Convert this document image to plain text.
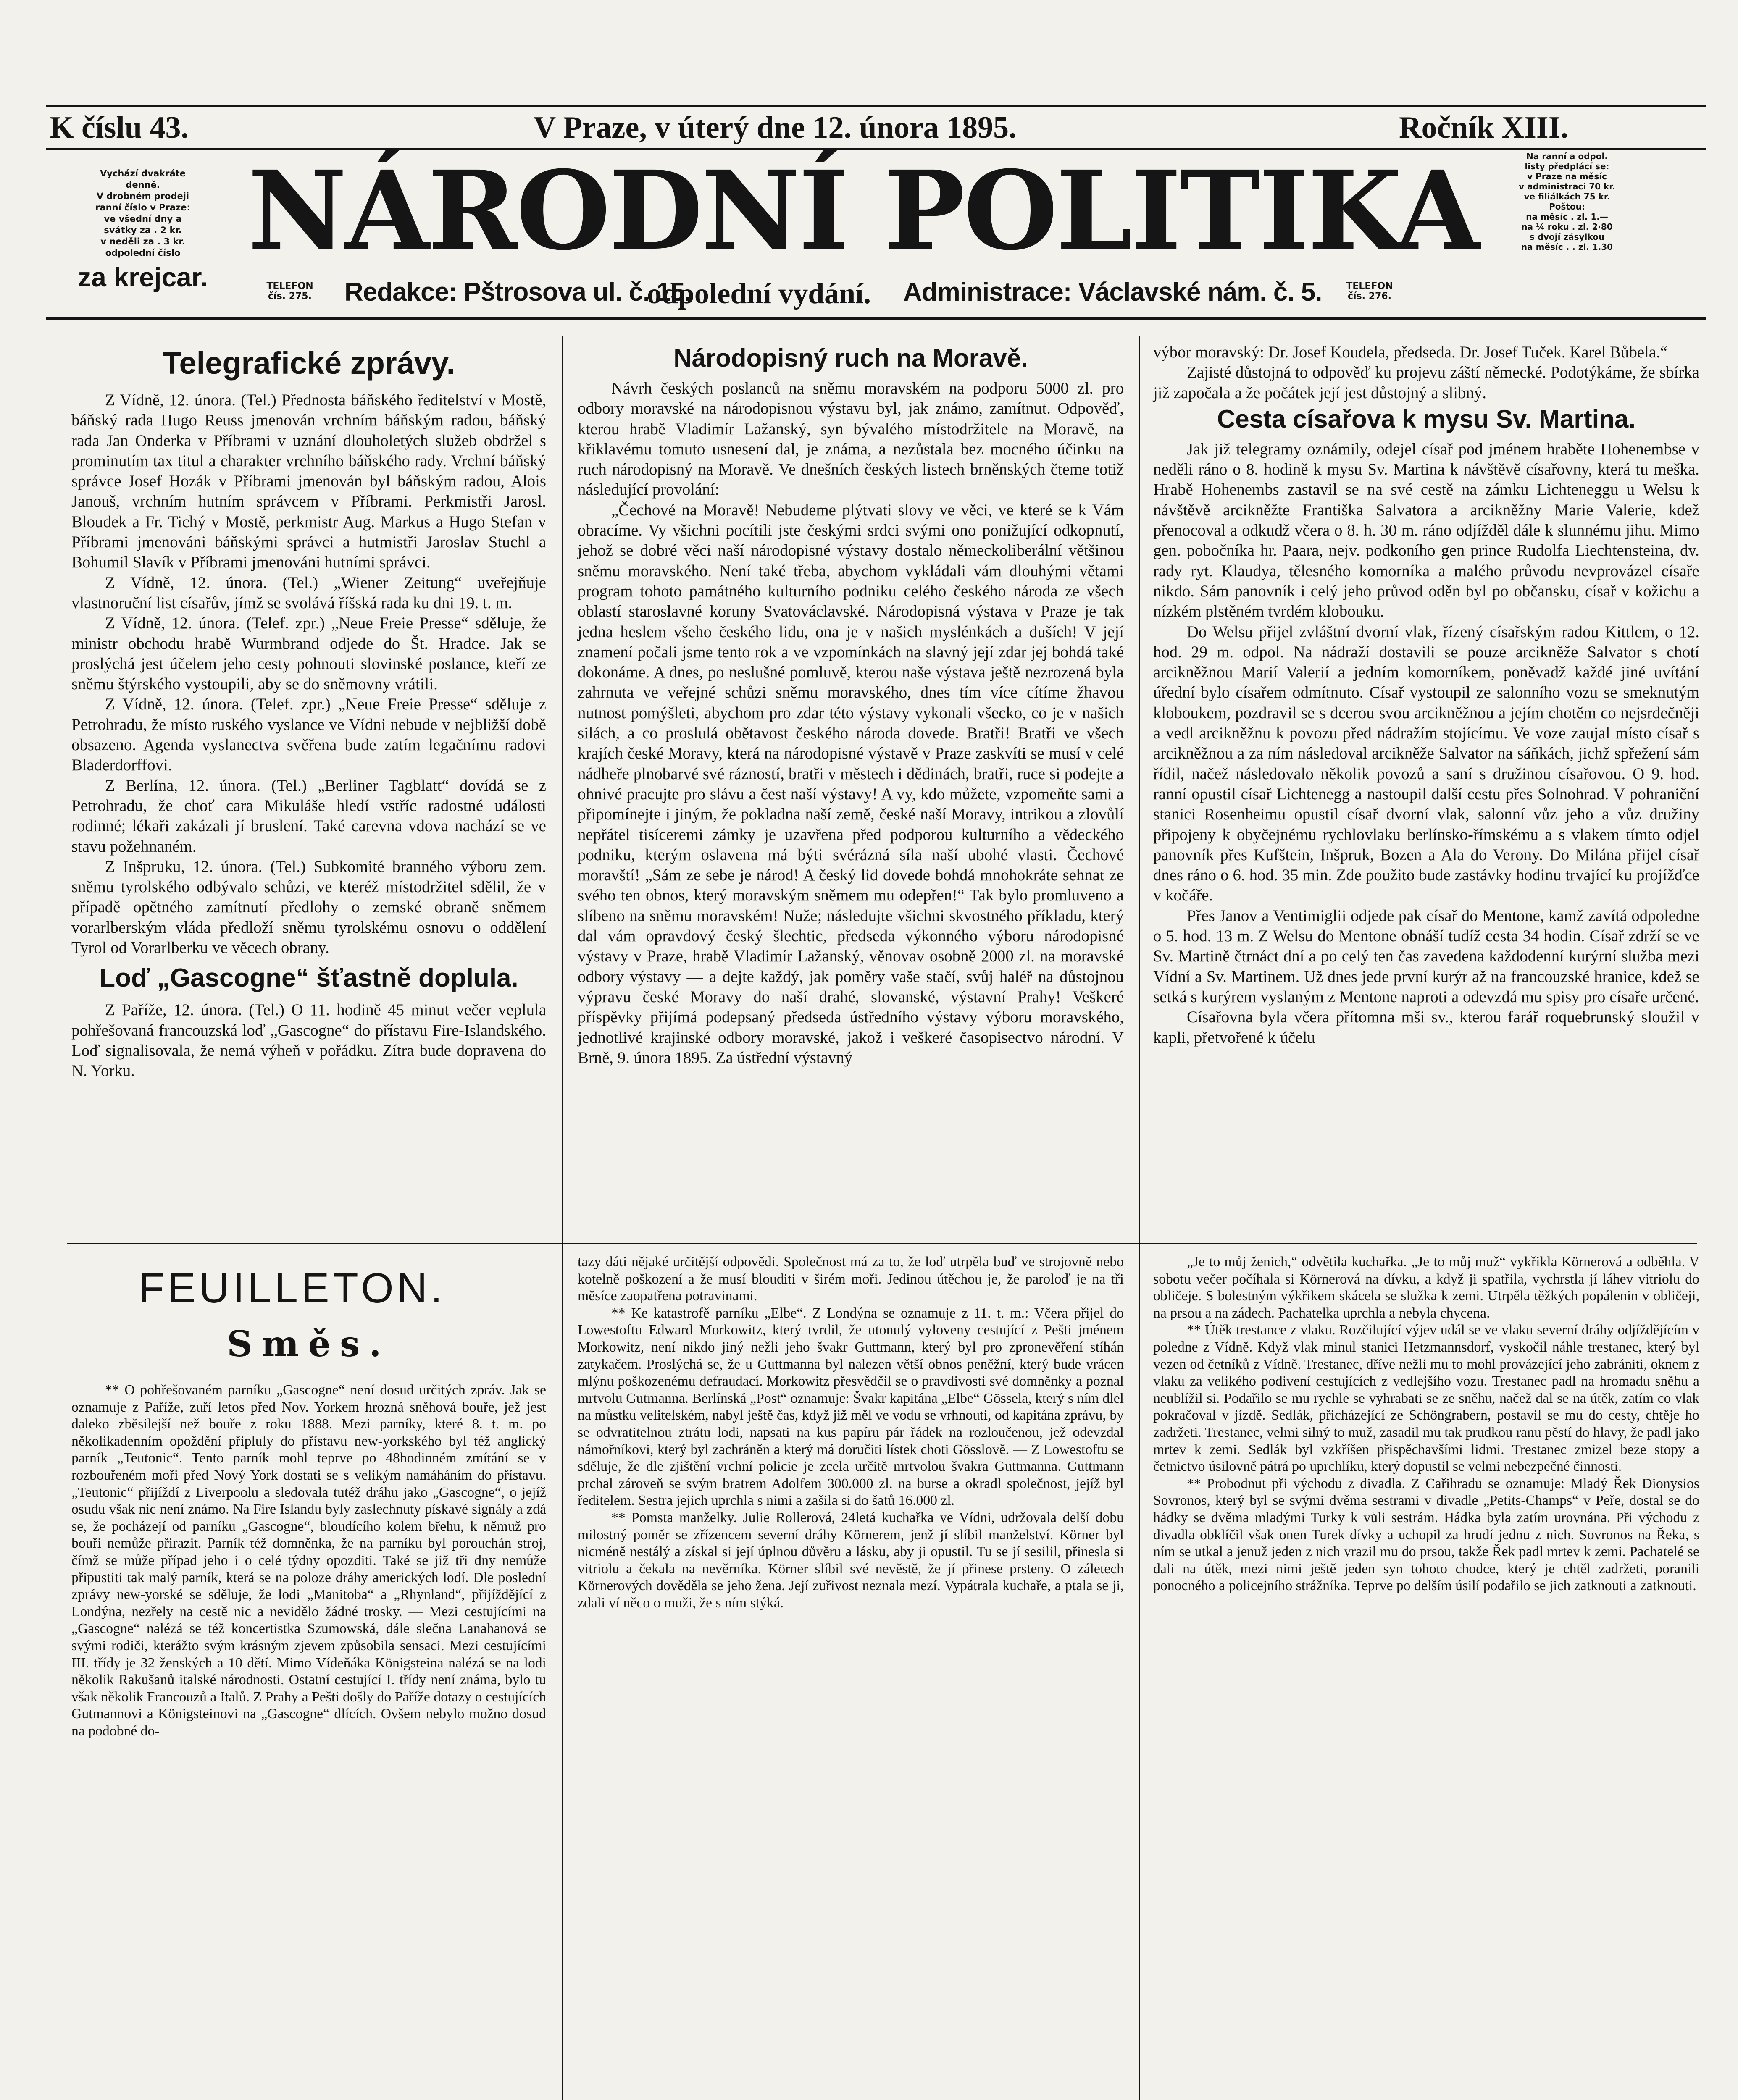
K číslu 43.	V Praze, v úterý dne 12. února 1895.	Ročník XIII.
Vychází dvakráte
denně.
V drobném prodeji
ranní číslo v Praze:
ve všední dny a
svátky za . 2 kr.
v neděli za . 3 kr.
odpolední číslo
za krejcar.
NÁRODNÍ POLITIKA	Na ranní a odpol.
listy předplácí se:
v Praze na měsíc
v administraci 70 kr.
ve filiálkách 75 kr.
Poštou:
na měsíc . zl. 1.—
na ¼ roku . zl. 2·80
s dvojí zásylkou
na měsíc . . zl. 1.30
TELEFON
čís. 275.	Redakce: Pštrosova ul. č. 15.
odpolední vydání. Administrace: Václavské nám. č. 5.	TELEFON
čís. 276.
Telegrafické zprávy.

Z Vídně, 12. února. (Tel.) Přednosta báňského ředitelství v Mostě, báňský rada Hugo Reuss jmenován vrchním báňským radou, báňský rada Jan Onderka v Příbrami v uznání dlouholetých služeb obdržel s prominutím tax titul a charakter vrchního báňského rady. Vrchní báňský správce Josef Hozák v Příbrami jmenován byl báňským radou, Alois Janouš, vrchním hutním správcem v Příbrami. Perkmistři Jarosl. Bloudek a Fr. Tichý v Mostě, perkmistr Aug. Markus a Hugo Stefan v Příbrami jmenováni báňskými správci a hutmistři Jaroslav Stuchl a Bohumil Slavík v Příbrami jmenováni hutními správci.

Z Vídně, 12. února. (Tel.) „Wiener Zeitung“ uveřejňuje vlastnoruční list císařův, jímž se svolává říšská rada ku dni 19. t. m.

Z Vídně, 12. února. (Telef. zpr.) „Neue Freie Presse“ sděluje, že ministr obchodu hrabě Wurmbrand odjede do Št. Hradce. Jak se proslýchá jest účelem jeho cesty pohnouti slovinské poslance, kteří ze sněmu štýrského vystoupili, aby se do sněmovny vrátili.

Z Vídně, 12. února. (Telef. zpr.) „Neue Freie Presse“ sděluje z Petrohradu, že místo ruského vyslance ve Vídni nebude v nejbližší době obsazeno. Agenda vyslanectva svěřena bude zatím legačnímu radovi Bladerdorffovi.

Z Berlína, 12. února. (Tel.) „Berliner Tagblatt“ dovídá se z Petrohradu, že choť cara Mikuláše hledí vstříc radostné události rodinné; lékaři zakázali jí bruslení. Také carevna vdova nachází se ve stavu požehnaném.

Z Inšpruku, 12. února. (Tel.) Subkomité branného výboru zem. sněmu tyrolského odbývalo schůzi, ve kteréž místodržitel sdělil, že v případě opětného zamítnutí předlohy o zemské obraně sněmem vorarlberským vláda předloží sněmu tyrolskému osnovu o oddělení Tyrol od Vorarlberku ve věcech obrany.

Loď „Gascogne“ šťastně doplula.

Z Paříže, 12. února. (Tel.) O 11. hodině 45 minut večer veplula pohřešovaná francouzská loď „Gascogne“ do přístavu Fire-Islandského. Loď signalisovala, že nemá výheň v pořádku. Zítra bude dopravena do N. Yorku.

Národopisný ruch na Moravě.

Návrh českých poslanců na sněmu moravském na podporu 5000 zl. pro odbory moravské na národopisnou výstavu byl, jak známo, zamítnut. Odpověď, kterou hrabě Vladimír Lažanský, syn bývalého místodržitele na Moravě, na křiklavému tomuto usnesení dal, je známa, a nezůstala bez mocného účinku na ruch národopisný na Moravě. Ve dnešních českých listech brněnských čteme totiž následující provolání:

„Čechové na Moravě! Nebudeme plýtvati slovy ve věci, ve které se k Vám obracíme. Vy všichni pocítili jste českými srdci svými ono ponižující odkopnutí, jehož se dobré věci naší národopisné výstavy dostalo německoliberální většinou sněmu moravského. Není také třeba, abychom vykládali vám dlouhými větami program tohoto památného kulturního podniku celého českého národa ze všech oblastí staroslavné koruny Svatováclavské. Národopisná výstava v Praze je tak jedna heslem všeho českého lidu, ona je v našich myslénkách a duších! V její znamení počali jsme tento rok a ve vzpomínkách na slavný její zdar jej bohdá také dokonáme. A dnes, po neslušné pomluvě, kterou naše výstava ještě nezrozená byla zahrnuta ve veřejné schůzi sněmu moravského, dnes tím více cítíme žhavou nutnost pomýšleti, abychom pro zdar této výstavy vykonali všecko, co je v našich silách, a co proslulá obětavost českého národa dovede. Bratři! Bratři ve všech krajích české Moravy, která na národopisné výstavě v Praze zaskvíti se musí v celé nádheře plnobarvé své rázností, bratři v městech i dědinách, bratři, ruce si podejte a ohnivé pracujte pro slávu a čest naší výstavy! A vy, kdo můžete, vzpomeňte sami a připomínejte i jiným, že pokladna naší země, české naší Moravy, intrikou a zlovůlí nepřátel tisíceremi zámky je uzavřena před podporou kulturního a vědeckého podniku, kterým oslavena má býti svérázná síla naší ubohé vlasti. Čechové moravští! „Sám ze sebe je národ! A český lid dovede bohdá mnohokráte sehnat ze svého ten obnos, který moravským sněmem mu odepřen!“ Tak bylo promluveno a slíbeno na sněmu moravském! Nuže; následujte všichni skvostného příkladu, který dal vám opravdový český šlechtic, předseda výkonného výboru národopisné výstavy v Praze, hrabě Vladimír Lažanský, věnovav osobně 2000 zl. na moravské odbory výstavy — a dejte každý, jak poměry vaše stačí, svůj haléř na důstojnou výpravu české Moravy do naší drahé, slovanské, výstavní Prahy! Veškeré příspěvky přijímá podepsaný předseda ústředního výstavy výboru moravského, jednotlivé krajinské odbory moravské, jakož i veškeré časopisectvo národní. V Brně, 9. února 1895. Za ústřední výstavný

výbor moravský: Dr. Josef Koudela, předseda. Dr. Josef Tuček. Karel Bůbela.“

Zajisté důstojná to odpověď ku projevu záští německé. Podotýkáme, že sbírka již započala a že počátek její jest důstojný a slibný.

Cesta císařova k mysu Sv. Martina.

Jak již telegramy oznámily, odejel císař pod jménem hraběte Hohenembse v neděli ráno o 8. hodině k mysu Sv. Martina k návštěvě císařovny, která tu meška. Hrabě Hohenembs zastavil se na své cestě na zámku Lichteneggu u Welsu k návštěvě arcikněžte Františka Salvatora a arcikněžny Marie Valerie, kdež přenocoval a odkudž včera o 8. h. 30 m. ráno odjížděl dále k slunnému jihu. Mimo gen. pobočníka hr. Paara, nejv. podkoního gen prince Rudolfa Liechtensteina, dv. rady ryt. Klaudya, tělesného komorníka a malého průvodu nevprovázel císaře nikdo. Sám panovník i celý jeho průvod oděn byl po občansku, císař v kožichu a nízkém plstěném tvrdém klobouku.

Do Welsu přijel zvláštní dvorní vlak, řízený císařským radou Kittlem, o 12. hod. 29 m. odpol. Na nádraží dostavili se pouze arcikněže Salvator s chotí arcikněžnou Marií Valerií a jedním komorníkem, poněvadž každé jiné uvítání úřední bylo císařem odmítnuto. Císař vystoupil ze salonního vozu se smeknutým kloboukem, pozdravil se s dcerou svou arcikněžnou a jejím chotěm co nejsrdečněji a vedl arcikněžnu k povozu před nádražím stojícímu. Ve voze zaujal místo císař s arcikněžnou a za ním následoval arcikněže Salvator na sáňkách, jichž spřežení sám řídil, načež následovalo několik povozů a saní s družinou císařovou. O 9. hod. ranní opustil císař Lichtenegg a nastoupil další cestu přes Solnohrad. V pohraniční stanici Rosenheimu opustil císař dvorní vlak, salonní vůz jeho a vůz družiny připojeny k obyčejnému rychlovlaku berlínsko-římskému a s vlakem tímto odjel panovník přes Kufštein, Inšpruk, Bozen a Ala do Verony. Do Milána přijel císař dnes ráno o 6. hod. 35 min. Zde použito bude zastávky hodinu trvající ku projížďce v kočáře.

Přes Janov a Ventimiglii odjede pak císař do Mentone, kamž zavítá odpoledne o 5. hod. 13 m. Z Welsu do Mentone obnáší tudíž cesta 34 hodin. Císař zdrží se ve Sv. Martině čtrnáct dní a po celý ten čas zavedena každodenní kurýrní služba mezi Vídní a Sv. Martinem. Už dnes jede první kurýr až na francouzské hranice, kdež se setká s kurýrem vyslaným z Mentone naproti a odevzdá mu spisy pro císaře určené.

Císařovna byla včera přítomna mši sv., kterou farář roquebrunský sloužil v kapli, přetvořené k účelu

FEUILLETON.
Směs.

** O pohřešovaném parníku „Gascogne“ není dosud určitých zpráv. Jak se oznamuje z Paříže, zuří letos před Nov. Yorkem hrozná sněhová bouře, jež jest daleko zběsilejší než bouře z roku 1888. Mezi parníky, které 8. t. m. po několikadenním opoždění připluly do přístavu new-yorkského byl též anglický parník „Teutonic“. Tento parník mohl teprve po 48hodinném zmítání se v rozbouřeném moři před Nový York dostati se s velikým namáháním do přístavu. „Teutonic“ přijíždí z Liverpoolu a sledovala tutéž dráhu jako „Gascogne“, o jejíž osudu však nic není známo. Na Fire Islandu byly zaslechnuty pískavé signály a zdá se, že pocházejí od parníku „Gascogne“, bloudícího kolem břehu, k němuž pro bouři nemůže přirazit. Parník též domněnka, že na parníku byl porouchán stroj, čímž se může případ jeho i o celé týdny opozditi. Také se již tři dny nemůže připustiti tak malý parník, která se na poloze dráhy amerických lodí. Dle poslední zprávy new-yorské se sděluje, že lodi „Manitoba“ a „Rhynland“, přijíždějící z Londýna, nezřely na cestě nic a nevidělo žádné trosky. — Mezi cestujícími na „Gascogne“ nalézá se též koncertistka Szumowská, dále slečna Lanahanová se svými rodiči, kterážto svým krásným zjevem způsobila sensaci. Mezi cestujícími III. třídy je 32 ženských a 10 dětí. Mimo Vídeňáka Königsteina nalézá se na lodi několik Rakušanů italské národnosti. Ostatní cestující I. třídy není známa, bylo tu však několik Francouzů a Italů. Z Prahy a Pešti došly do Paříže dotazy o cestujících Gutmannovi a Königsteinovi na „Gascogne“ dlících. Ovšem nebylo možno dosud na podobné do-

tazy dáti nějaké určitější odpovědi. Společnost má za to, že loď utrpěla buď ve strojovně nebo kotelně poškození a že musí blouditi v širém moři. Jedinou útěchou je, že paroloď je na tři měsíce zaopatřena potravinami.

** Ke katastrofě parníku „Elbe“. Z Londýna se oznamuje z 11. t. m.: Včera přijel do Lowestoftu Edward Morkowitz, který tvrdil, že utonulý vyloveny cestující z Pešti jménem Morkowitz, není nikdo jiný nežli jeho švakr Guttmann, který byl pro zpronevěření stíhán zatykačem. Proslýchá se, že u Guttmanna byl nalezen větší obnos peněžní, který bude vrácen mlýnu poškozenému defraudací. Morkowitz přesvědčil se o pravdivosti své domněnky a poznal mrtvolu Gutmanna. Berlínská „Post“ oznamuje: Švakr kapitána „Elbe“ Gössela, který s ním dlel na můstku velitelském, nabyl ještě čas, když již měl ve vodu se vrhnouti, od kapitána zprávu, by se odvratitelnou ztrátu lodi, napsati na kus papíru pár řádek na rozloučenou, jež odevzdal námořníkovi, který byl zachráněn a který má doručiti lístek choti Gösslově. — Z Lowestoftu se sděluje, že dle zjištění vrchní policie je zcela určitě mrtvolou švakra Guttmanna. Guttmann prchal zároveň se svým bratrem Adolfem 300.000 zl. na burse a okradl společnost, jejíž byl ředitelem. Sestra jejich uprchla s nimi a zašila si do šatů 16.000 zl.

** Pomsta manželky. Julie Rollerová, 24letá kuchařka ve Vídni, udržovala delší dobu milostný poměr se zřízencem severní dráhy Körnerem, jenž jí slíbil manželství. Körner byl nicméně nestálý a získal si její úplnou důvěru a lásku, aby ji opustil. Tu se jí sesilil, přinesla si vitriolu a čekala na nevěrníka. Körner slíbil své nevěstě, že jí přinese prsteny. O záletech Körnerových dověděla se jeho žena. Její zuřivost neznala mezí. Vypátrala kuchaře, a ptala se ji, zdali ví něco o muži, že s ním stýká.

„Je to můj ženich,“ odvětila kuchařka. „Je to můj muž“ vykřikla Körnerová a odběhla. V sobotu večer počíhala si Körnerová na dívku, a když ji spatřila, vychrstla jí láhev vitriolu do obličeje. S bolestným výkřikem skácela se služka k zemi. Utrpěla těžkých popálenin v obličeji, na prsou a na zádech. Pachatelka uprchla a nebyla chycena.

** Útěk trestance z vlaku. Rozčilující výjev udál se ve vlaku severní dráhy odjíždějícím v poledne z Vídně. Když vlak minul stanici Hetzmannsdorf, vyskočil náhle trestanec, který byl vezen od četníků z Vídně. Trestanec, dříve nežli mu to mohl provázející jeho zabrániti, oknem z vlaku za velikého podivení cestujících z vedlejšího vozu. Trestanec padl na hromadu sněhu a neublížil si. Podařilo se mu rychle se vyhrabati se ze sněhu, načež dal se na útěk, zatím co vlak pokračoval v jízdě. Sedlák, přicházející ze Schöngrabern, postavil se mu do cesty, chtěje ho zadržeti. Trestanec, velmi silný to muž, zasadil mu tak prudkou ranu pěstí do hlavy, že padl jako mrtev k zemi. Sedlák byl vzkříšen přispěchavšími lidmi. Trestanec zmizel beze stopy a četnictvo úsilovně pátrá po uprchlíku, který dopustil se velmi nebezpečné činnosti.

** Probodnut při východu z divadla. Z Cařihradu se oznamuje: Mladý Řek Dionysios Sovronos, který byl se svými dvěma sestrami v divadle „Petits-Champs“ v Peře, dostal se do hádky se dvěma mladými Turky k vůli sestrám. Hádka byla zatím urovnána. Při východu z divadla obklíčil však onen Turek dívky a uchopil za hrudí jednu z nich. Sovronos na Řeka, s ním se utkal a jenuž jeden z nich vrazil mu do prsou, takže Řek padl mrtev k zemi. Pachatelé se dali na útěk, mezi nimi ještě jeden syn tohoto chodce, který je chtěl zadržeti, poranili ponocného a policejního strážníka. Teprve po delším úsilí podařilo se jich zatknouti a zatknouti.
